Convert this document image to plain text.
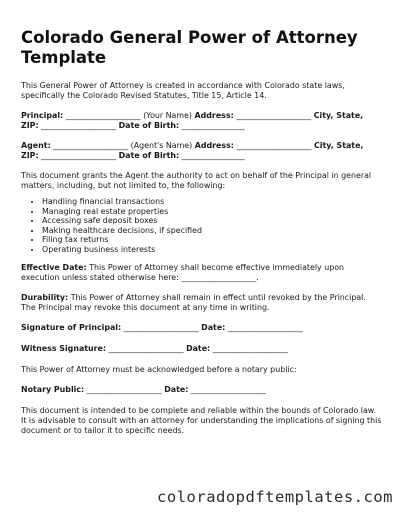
Colorado General Power of Attorney Template

This General Power of Attorney is created in accordance with Colorado state laws, specifically the Colorado Revised Statutes, Title 15, Article 14.

Principal: ___________________ (Your Name) Address: ___________________ City, State,
ZIP: ___________________ Date of Birth: ________________

Agent: ___________________ (Agent's Name) Address: ___________________ City, State,
ZIP: ___________________ Date of Birth: ________________

This document grants the Agent the authority to act on behalf of the Principal in general matters, including, but not limited to, the following:

• Handling financial transactions
• Managing real estate properties
• Accessing safe deposit boxes
• Making healthcare decisions, if specified
• Filing tax returns
• Operating business interests

Effective Date: This Power of Attorney shall become effective immediately upon execution unless stated otherwise here: ___________________.

Durability: This Power of Attorney shall remain in effect until revoked by the Principal. The Principal may revoke this document at any time in writing.

Signature of Principal: ___________________ Date: ___________________

Witness Signature: ___________________ Date: ___________________

This Power of Attorney must be acknowledged before a notary public:

Notary Public: ___________________ Date: ___________________

This document is intended to be complete and reliable within the bounds of Colorado law. It is advisable to consult with an attorney for understanding the implications of signing this document or to tailor it to specific needs.

coloradopdftemplates.com
